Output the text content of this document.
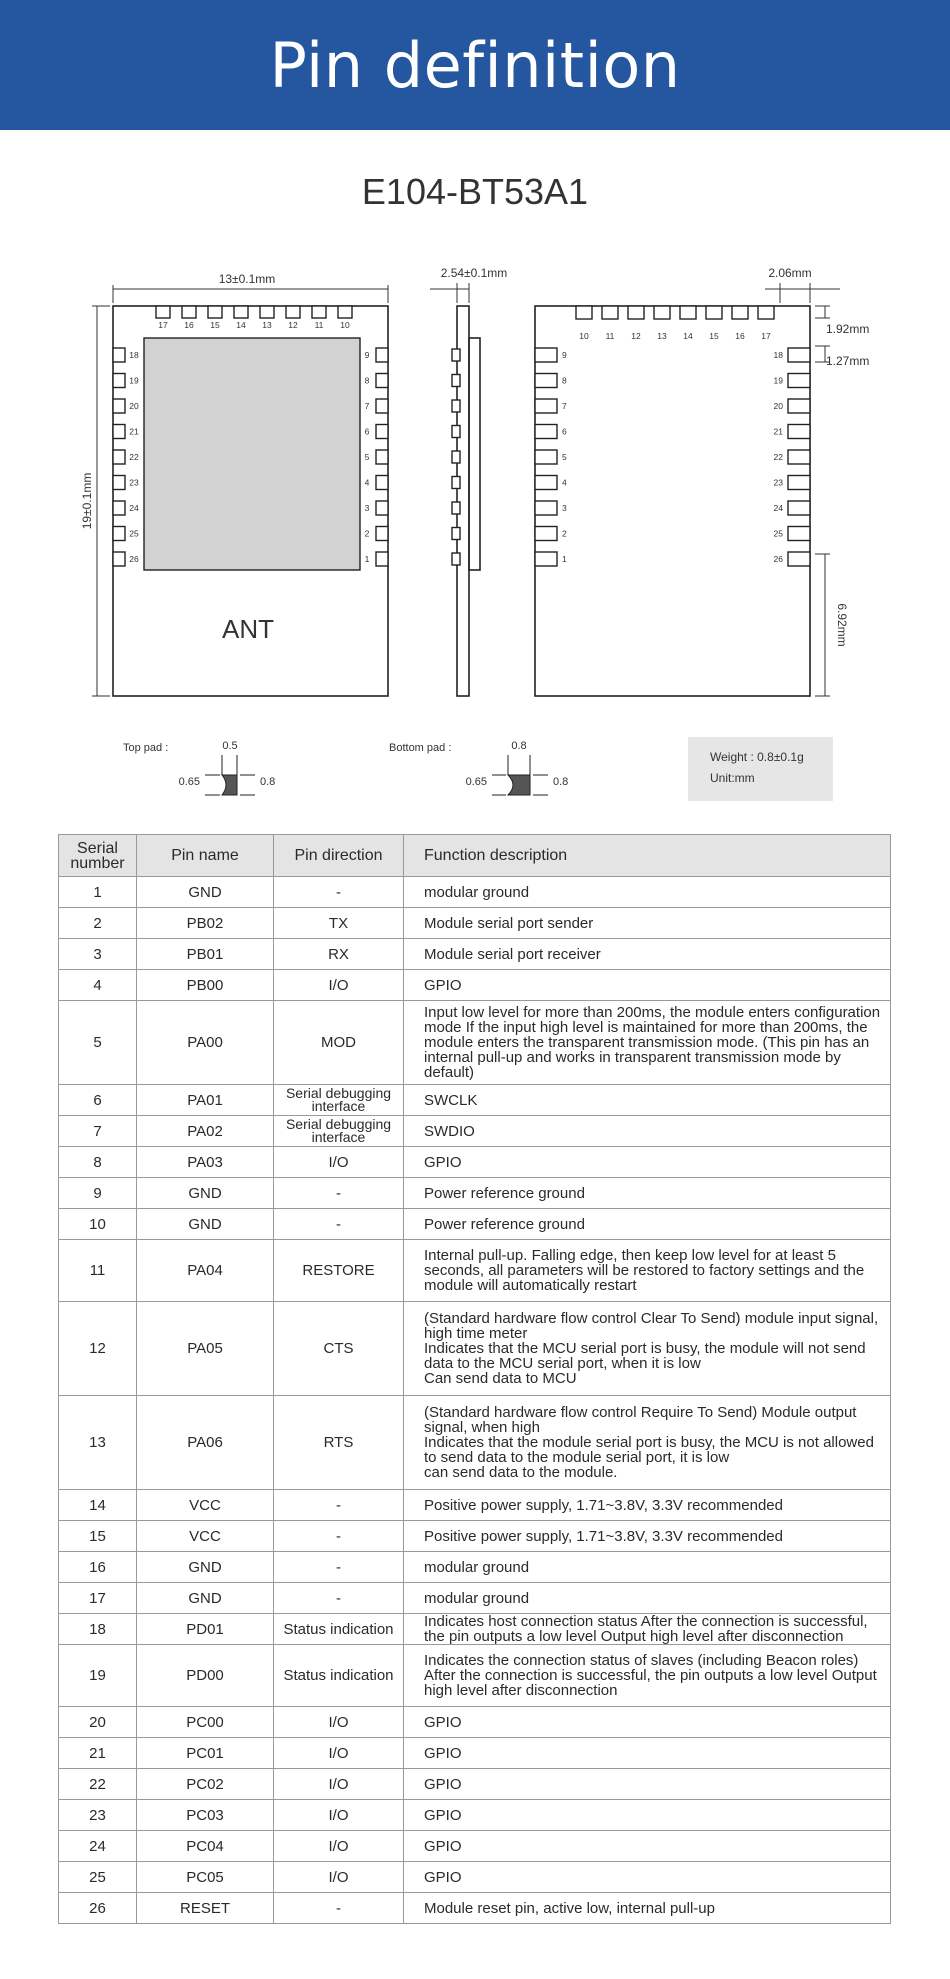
Pin definition
E104-BT53A1
17 16 15 14 13 12 11 10
18
19
20
21
22
23
24
25
26
9
8
7
6
5
4
3
2
1
10 11 12 13 14 15 16 17
9
8
7
6
5
4
3
2
1
18
19
20
21
22
23
24
25
26
13±0.1mm
19±0.1mm
2.54±0.1mm	2.06mm
1.92mm
1.27mm
6.92mm
ANT
Top pad :	0.5
0.65	0.8
Bottom pad :	0.8
0.65	0.8
Weight : 0.8±0.1g
Unit:mm
Serial number	Pin name	Pin direction	Function description
1	GND	-	modular ground
2	PB02	TX	Module serial port sender
3	PB01	RX	Module serial port receiver
4	PB00	I/O	GPIO
5	PA00	MOD	Input low level for more than 200ms, the module enters configuration mode If the input high level is maintained for more than 200ms, the module enters the transparent transmission mode. (This pin has an internal pull-up and works in transparent transmission mode by default)
6	PA01	Serial debugging interface	SWCLK
7	PA02	Serial debugging interface	SWDIO
8	PA03	I/O	GPIO
9	GND	-	Power reference ground
10	GND	-	Power reference ground
11	PA04	RESTORE	Internal pull-up. Falling edge, then keep low level for at least 5 seconds, all parameters will be restored to factory settings and the module will automatically restart
12	PA05	CTS	(Standard hardware flow control Clear To Send) module input signal, high time meter
Indicates that the MCU serial port is busy, the module will not send data to the MCU serial port, when it is low
Can send data to MCU
13	PA06	RTS	(Standard hardware flow control Require To Send) Module output signal, when high
Indicates that the module serial port is busy, the MCU is not allowed to send data to the module serial port, it is low
can send data to the module.
14	VCC	-	Positive power supply, 1.71~3.8V, 3.3V recommended
15	VCC	-	Positive power supply, 1.71~3.8V, 3.3V recommended
16	GND	-	modular ground
17	GND	-	modular ground
18	PD01	Status indication	Indicates host connection status After the connection is successful, the pin outputs a low level Output high level after disconnection
19	PD00	Status indication	Indicates the connection status of slaves (including Beacon roles) After the connection is successful, the pin outputs a low level Output high level after disconnection
20	PC00	I/O	GPIO
21	PC01	I/O	GPIO
22	PC02	I/O	GPIO
23	PC03	I/O	GPIO
24	PC04	I/O	GPIO
25	PC05	I/O	GPIO
26	RESET	-	Module reset pin, active low, internal pull-up
